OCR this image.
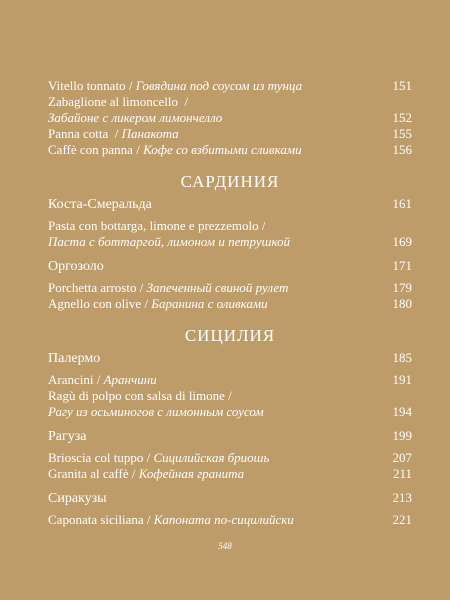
Vitello tonnato / Говядина под соусом из тунца	151
Zabaglione al limoncello /
Забайоне с ликером лимончелло	152
Panna cotta / Панакота	155
Caffè con panna / Кофе со взбитыми сливками	156
САРДИНИЯ
Коста-Смеральда	161
Pasta con bottarga, limone e prezzemolo /
Паста с боттаргой, лимоном и петрушкой	169
Оргозоло	171
Porchetta arrosto / Запеченный свиной рулет	179
Agnello con olive / Баранина с оливками	180
СИЦИЛИЯ
Палермо	185
Arancini / Аранчини	191
Ragù di polpo con salsa di limone /
Рагу из осьминогов с лимонным соусом	194
Рагуза	199
Brioscia col tuppo / Сицилийская бриошь	207
Granita al caffè / Кофейная гранита	211
Сиракузы	213
Caponata siciliana / Капоната по-сицилийски	221
548
